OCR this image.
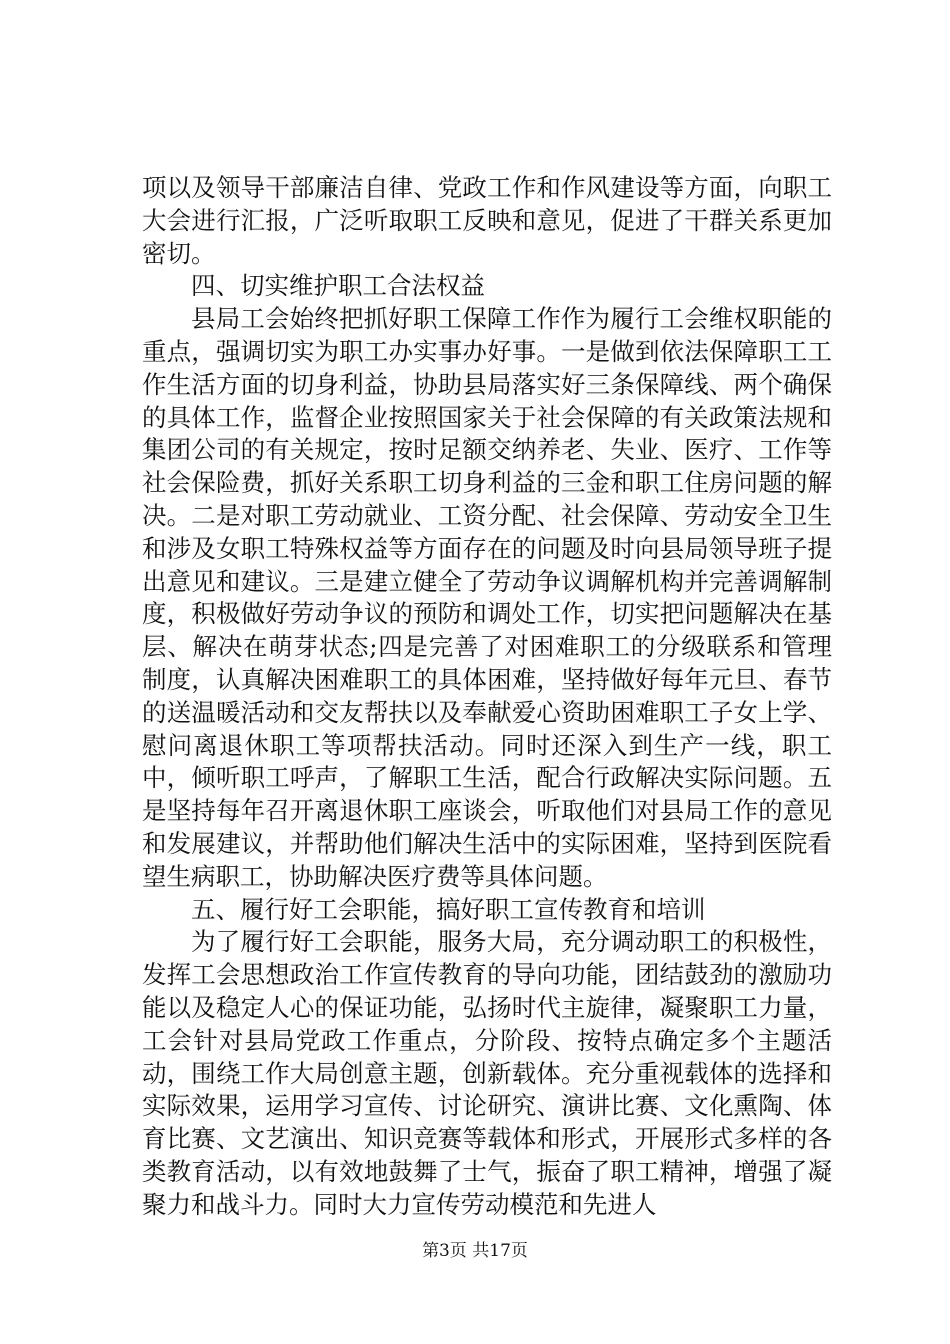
项以及领导干部廉洁自律、党政工作和作风建设等方面，向职工大会进行汇报，广泛听取职工反映和意见，促进了干群关系更加密切。

四、切实维护职工合法权益

县局工会始终把抓好职工保障工作作为履行工会维权职能的重点，强调切实为职工办实事办好事。一是做到依法保障职工工作生活方面的切身利益，协助县局落实好三条保障线、两个确保的具体工作，监督企业按照国家关于社会保障的有关政策法规和集团公司的有关规定，按时足额交纳养老、失业、医疗、工作等社会保险费，抓好关系职工切身利益的三金和职工住房问题的解决。二是对职工劳动就业、工资分配、社会保障、劳动安全卫生和涉及女职工特殊权益等方面存在的问题及时向县局领导班子提出意见和建议。三是建立健全了劳动争议调解机构并完善调解制度，积极做好劳动争议的预防和调处工作，切实把问题解决在基层、解决在萌芽状态;四是完善了对困难职工的分级联系和管理制度，认真解决困难职工的具体困难，坚持做好每年元旦、春节的送温暖活动和交友帮扶以及奉献爱心资助困难职工子女上学、慰问离退休职工等项帮扶活动。同时还深入到生产一线，职工中，倾听职工呼声，了解职工生活，配合行政解决实际问题。五是坚持每年召开离退休职工座谈会，听取他们对县局工作的意见和发展建议，并帮助他们解决生活中的实际困难，坚持到医院看望生病职工，协助解决医疗费等具体问题。

五、履行好工会职能，搞好职工宣传教育和培训

为了履行好工会职能，服务大局，充分调动职工的积极性，发挥工会思想政治工作宣传教育的导向功能，团结鼓劲的激励功能以及稳定人心的保证功能，弘扬时代主旋律，凝聚职工力量，工会针对县局党政工作重点，分阶段、按特点确定多个主题活动，围绕工作大局创意主题，创新载体。充分重视载体的选择和实际效果，运用学习宣传、讨论研究、演讲比赛、文化熏陶、体育比赛、文艺演出、知识竞赛等载体和形式，开展形式多样的各类教育活动，以有效地鼓舞了士气，振奋了职工精神，增强了凝聚力和战斗力。同时大力宣传劳动模范和先进人

第3页 共17页
